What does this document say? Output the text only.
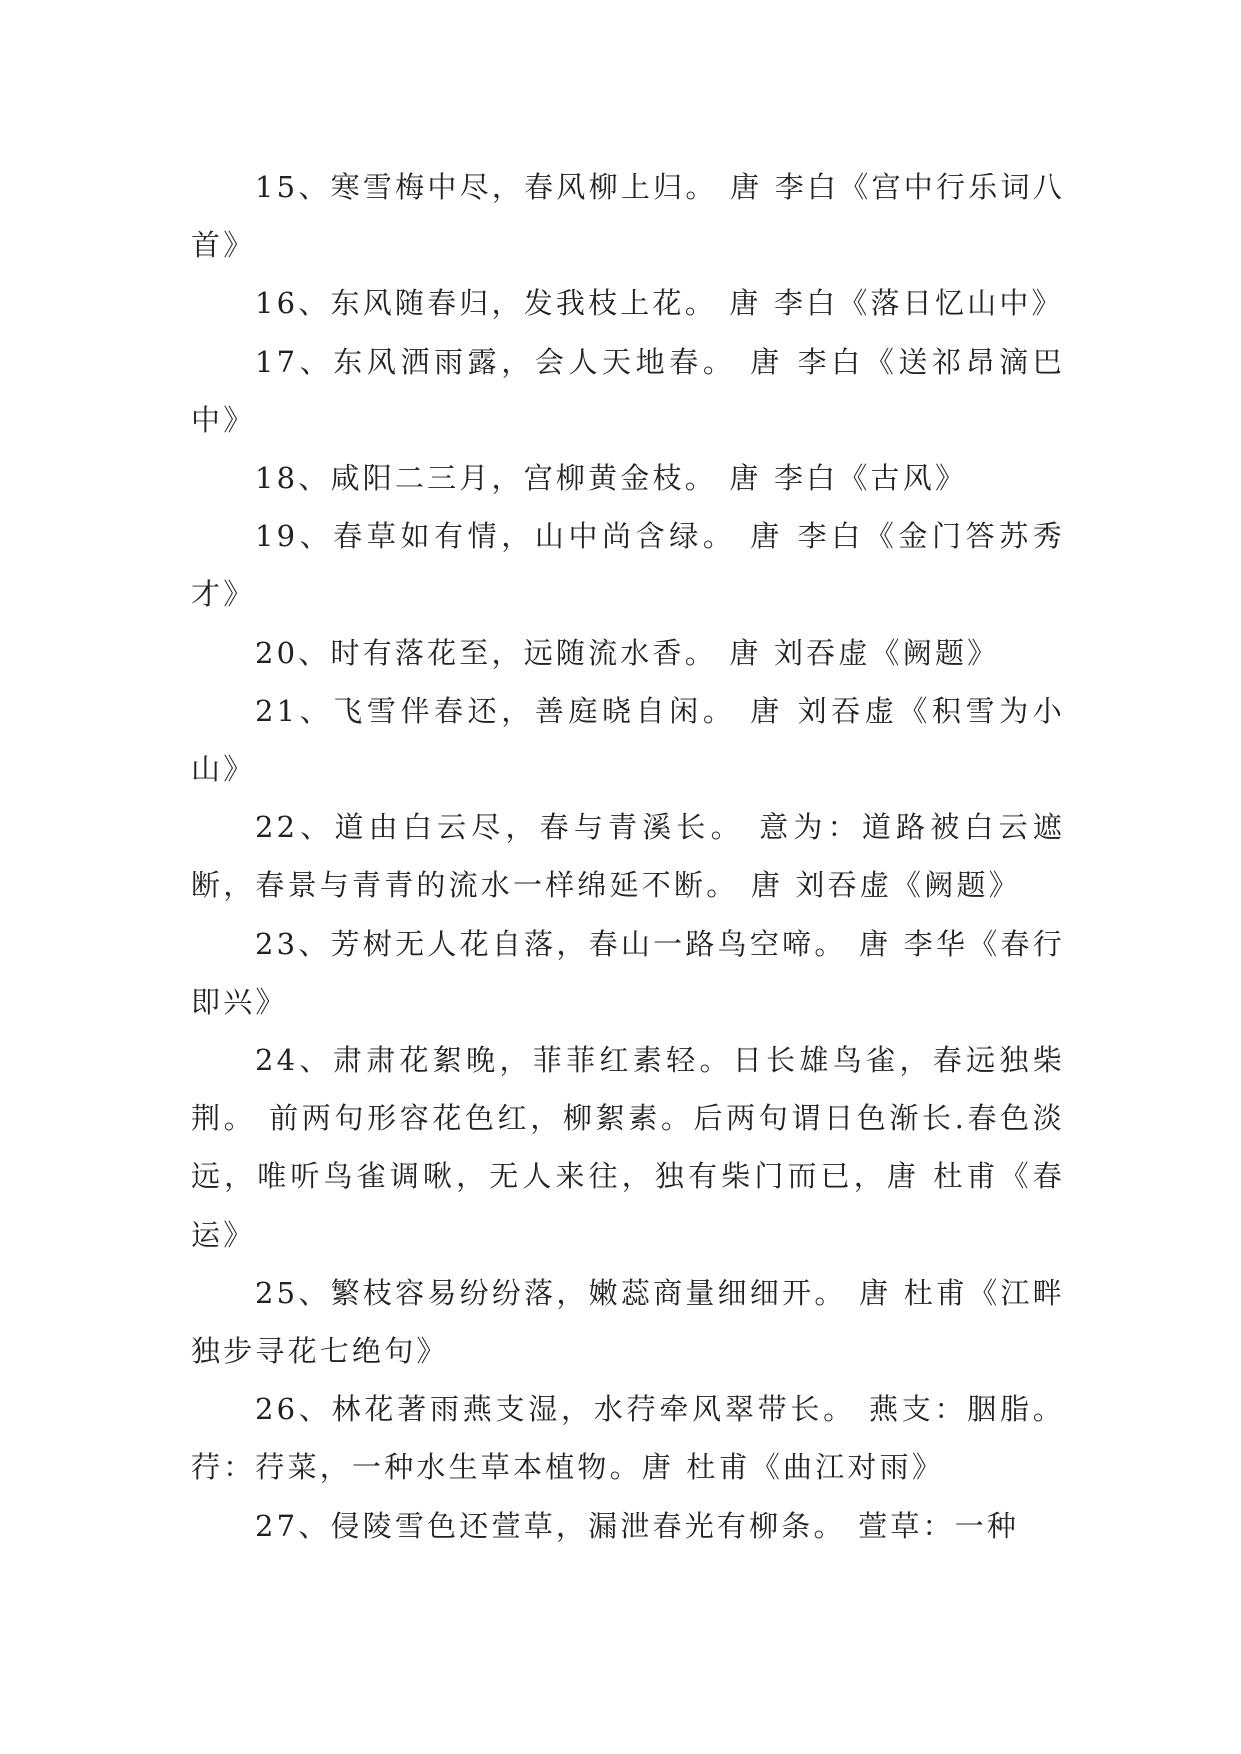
15、寒雪梅中尽，春风柳上归。 唐 李白《宫中行乐词八首》

16、东风随春归，发我枝上花。 唐 李白《落日忆山中》

17、东风洒雨露，会人天地春。 唐 李白《送祁昂滴巴中》

18、咸阳二三月，宫柳黄金枝。 唐 李白《古风》

19、春草如有情，山中尚含绿。 唐 李白《金门答苏秀才》

20、时有落花至，远随流水香。 唐 刘吞虚《阙题》

21、飞雪伴春还，善庭晓自闲。 唐 刘吞虚《积雪为小山》

22、道由白云尽，春与青溪长。 意为：道路被白云遮断，春景与青青的流水一样绵延不断。 唐 刘吞虚《阙题》

23、芳树无人花自落，春山一路鸟空啼。 唐 李华《春行即兴》

24、肃肃花絮晚，菲菲红素轻。日长雄鸟雀，春远独柴荆。 前两句形容花色红，柳絮素。后两句谓日色渐长.春色淡远，唯听鸟雀调啾，无人来往，独有柴门而已，唐 杜甫《春运》

25、繁枝容易纷纷落，嫩蕊商量细细开。 唐 杜甫《江畔独步寻花七绝句》

26、林花著雨燕支湿，水荇牵风翠带长。 燕支：胭脂。荇：荇菜，一种水生草本植物。唐 杜甫《曲江对雨》

27、侵陵雪色还萱草，漏泄春光有柳条。 萱草：一种
